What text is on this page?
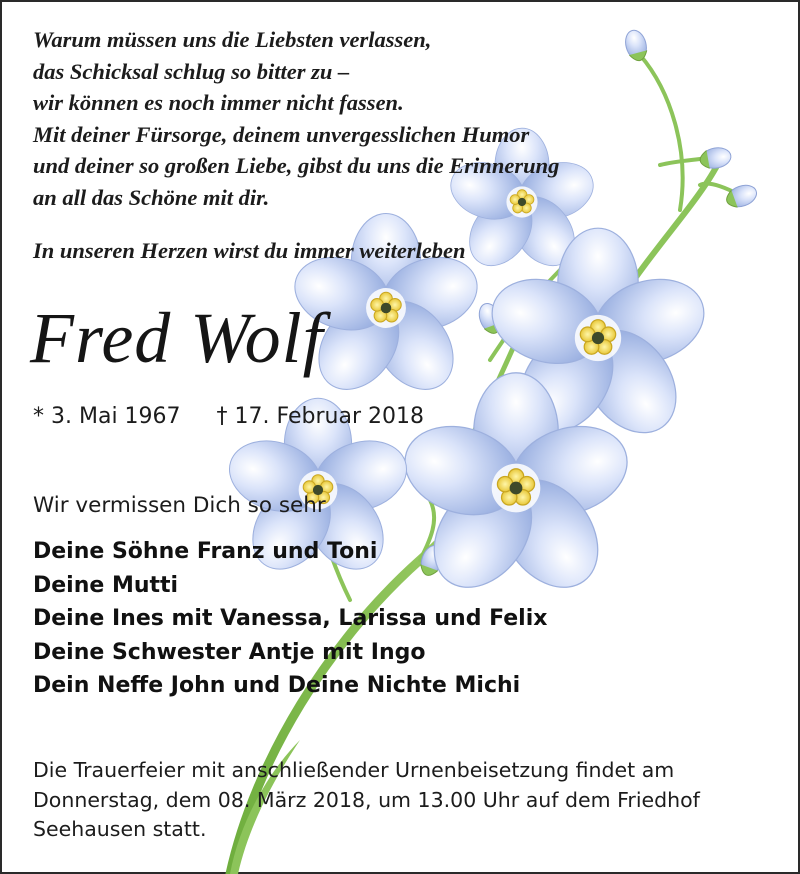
Warum müssen uns die Liebsten verlassen,
das Schicksal schlug so bitter zu –
wir können es noch immer nicht fassen.
Mit deiner Fürsorge, deinem unvergesslichen Humor
und deiner so großen Liebe, gibst du uns die Erinnerung
an all das Schöne mit dir.
In unseren Herzen wirst du immer weiterleben
Fred Wolf
* 3. Mai 1967 † 17. Februar 2018
Wir vermissen Dich so sehr
Deine Söhne Franz und Toni
Deine Mutti
Deine Ines mit Vanessa, Larissa und Felix
Deine Schwester Antje mit Ingo
Dein Neffe John und Deine Nichte Michi
Die Trauerfeier mit anschließender Urnenbeisetzung findet am
Donnerstag, dem 08. März 2018, um 13.00 Uhr auf dem Friedhof
Seehausen statt.
